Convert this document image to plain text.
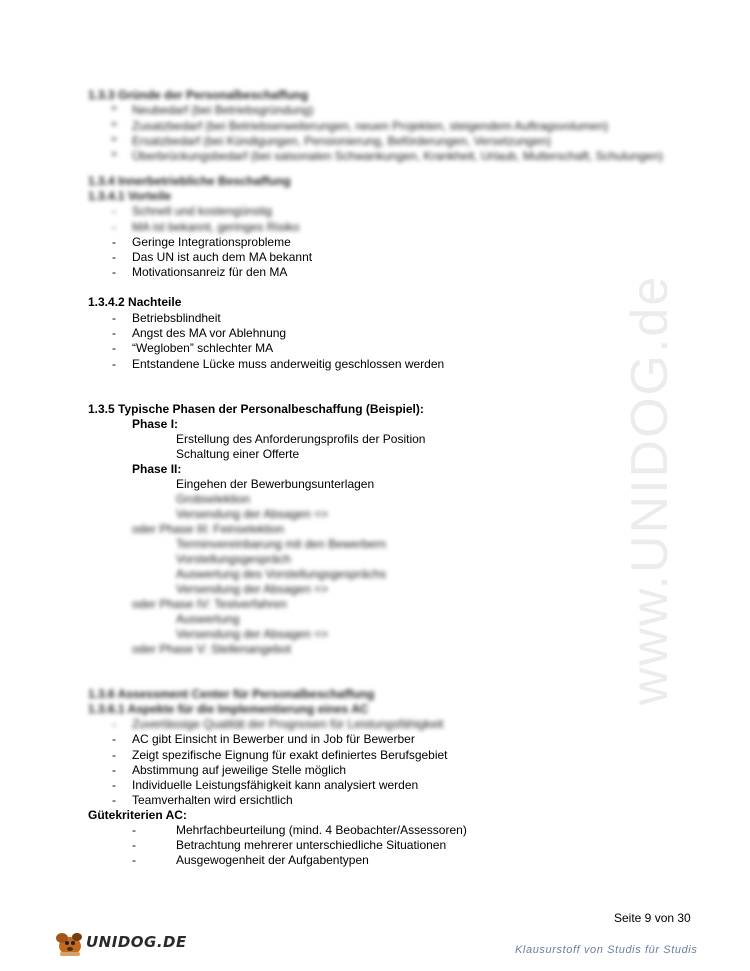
www.UNIDOG.de
1.3.3 Gründe der Personalbeschaffung
➢ Neubedarf (bei Betriebsgründung)
➢ Zusatzbedarf (bei Betriebserweiterungen, neuen Projekten, steigendem Auftragsvolumen)
➢ Ersatzbedarf (bei Kündigungen, Pensionierung, Beförderungen, Versetzungen)
➢ Überbrückungsbedarf (bei saisonalen Schwankungen, Krankheit, Urlaub, Mutterschaft, Schulungen)
1.3.4 Innerbetriebliche Beschaffung
1.3.4.1 Vorteile
- Schnell und kostengünstig
- MA ist bekannt, geringes Risiko
- Geringe Integrationsprobleme
- Das UN ist auch dem MA bekannt
- Motivationsanreiz für den MA
1.3.4.2 Nachteile
- Betriebsblindheit
- Angst des MA vor Ablehnung
- “Wegloben” schlechter MA
- Entstandene Lücke muss anderweitig geschlossen werden
1.3.5 Typische Phasen der Personalbeschaffung (Beispiel):
Phase I:
Erstellung des Anforderungsprofils der Position
Schaltung einer Offerte
Phase II:
Eingehen der Bewerbungsunterlagen
Grobselektion
Versendung der Absagen =>
oder Phase III: Feinselektion
Terminvereinbarung mit den Bewerbern
Vorstellungsgespräch
Auswertung des Vorstellungsgesprächs
Versendung der Absagen =>
oder Phase IV: Testverfahren
Auswertung
Versendung der Absagen =>
oder Phase V: Stellenangebot
1.3.6 Assessment Center für Personalbeschaffung
1.3.6.1 Aspekte für die Implementierung eines AC
- Zuverlässige Qualität der Prognosen für Leistungsfähigkeit
- AC gibt Einsicht in Bewerber und in Job für Bewerber
- Zeigt spezifische Eignung für exakt definiertes Berufsgebiet
- Abstimmung auf jeweilige Stelle möglich
- Individuelle Leistungsfähigkeit kann analysiert werden
- Teamverhalten wird ersichtlich
Gütekriterien AC:
-	Mehrfachbeurteilung (mind. 4 Beobachter/Assessoren)
-	Betrachtung mehrerer unterschiedliche Situationen
-	Ausgewogenheit der Aufgabentypen
Seite 9 von 30
UNIDOG.DE	Klausurstoff von Studis für Studis
